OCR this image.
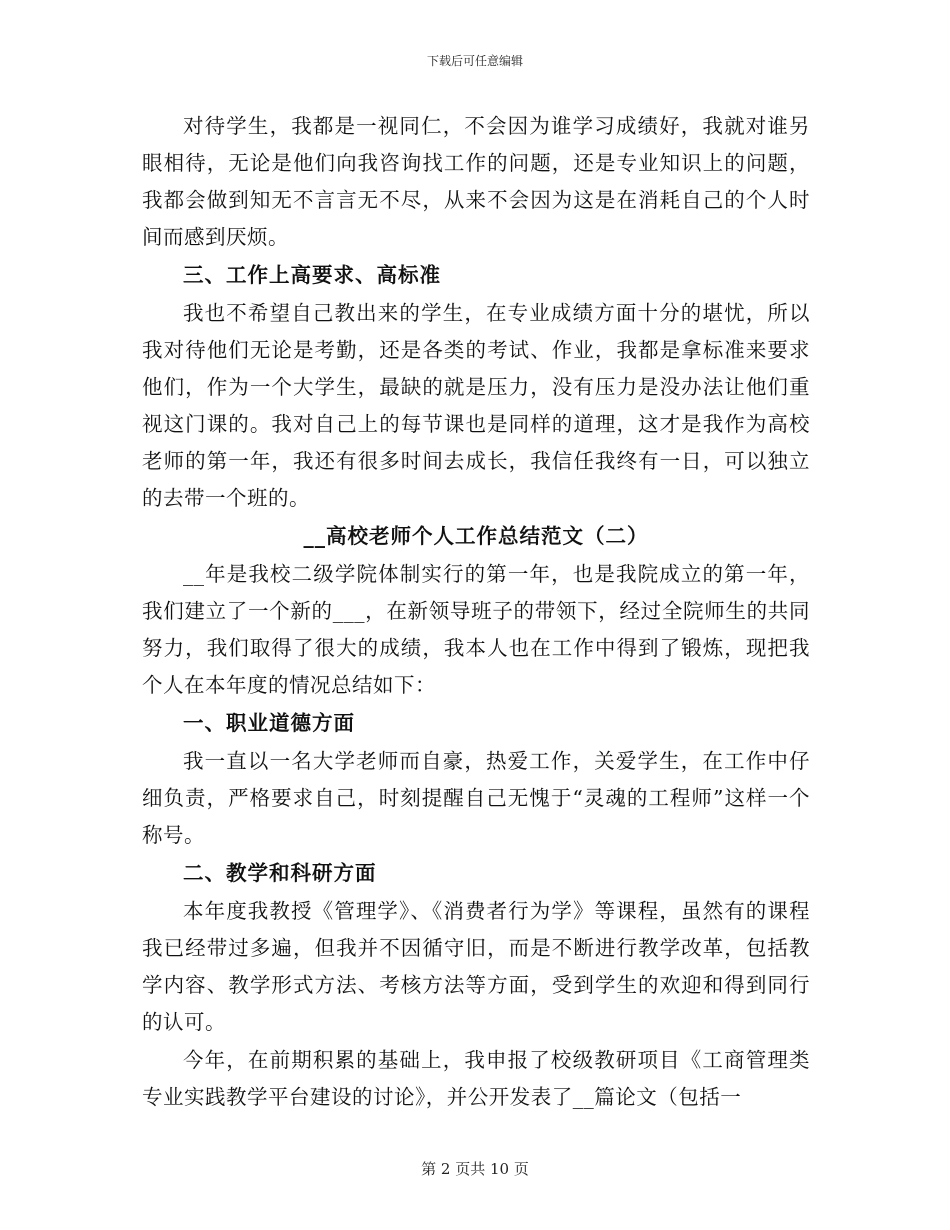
下载后可任意编辑

对待学生，我都是一视同仁，不会因为谁学习成绩好，我就对谁另眼相待，无论是他们向我咨询找工作的问题，还是专业知识上的问题，我都会做到知无不言言无不尽，从来不会因为这是在消耗自己的个人时间而感到厌烦。

三、工作上高要求、高标准

我也不希望自己教出来的学生，在专业成绩方面十分的堪忧，所以我对待他们无论是考勤，还是各类的考试、作业，我都是拿标准来要求他们，作为一个大学生，最缺的就是压力，没有压力是没办法让他们重视这门课的。我对自己上的每节课也是同样的道理，这才是我作为高校老师的第一年，我还有很多时间去成长，我信任我终有一日，可以独立的去带一个班的。

__高校老师个人工作总结范文（二）

__年是我校二级学院体制实行的第一年，也是我院成立的第一年，我们建立了一个新的___，在新领导班子的带领下，经过全院师生的共同努力，我们取得了很大的成绩，我本人也在工作中得到了锻炼，现把我个人在本年度的情况总结如下：

一、职业道德方面

我一直以一名大学老师而自豪，热爱工作，关爱学生，在工作中仔细负责，严格要求自己，时刻提醒自己无愧于“灵魂的工程师”这样一个称号。

二、教学和科研方面

本年度我教授《管理学》、《消费者行为学》等课程，虽然有的课程我已经带过多遍，但我并不因循守旧，而是不断进行教学改革，包括教学内容、教学形式方法、考核方法等方面，受到学生的欢迎和得到同行的认可。

今年，在前期积累的基础上，我申报了校级教研项目《工商管理类专业实践教学平台建设的讨论》，并公开发表了__篇论文（包括一

第 2 页共 10 页
